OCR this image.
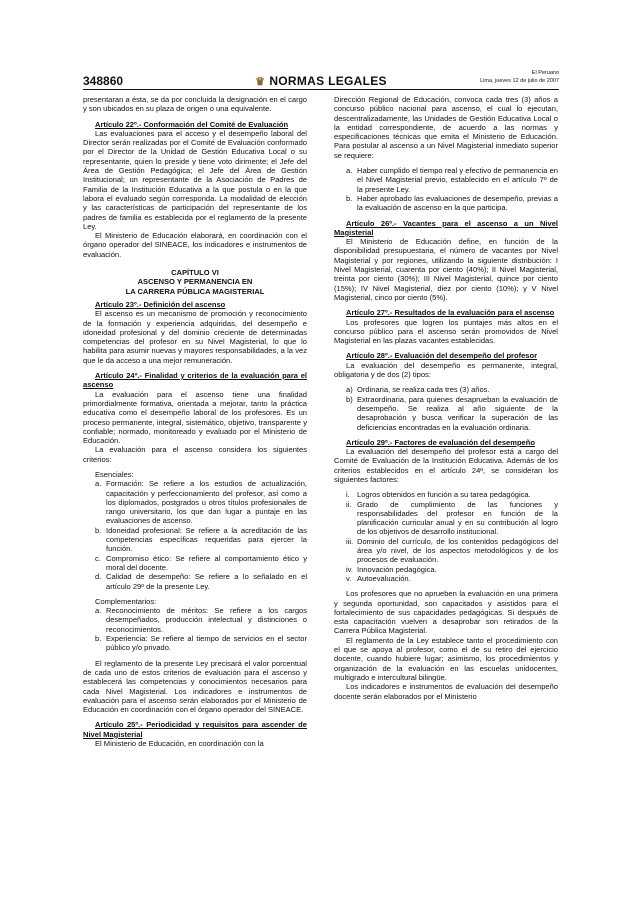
348860	♛ NORMAS LEGALES
El Peruano
Lima, jueves 12 de julio de 2007

presentaran a ésta, se da por concluida la designación en el cargo y son ubicados en su plaza de origen o una equivalente.

Artículo 22º.- Conformación del Comité de Evaluación

Las evaluaciones para el acceso y el desempeño laboral del Director serán realizadas por el Comité de Evaluación conformado por el Director de la Unidad de Gestión Educativa Local o su representante, quien lo preside y tiene voto dirimente; el Jefe del Área de Gestión Pedagógica; el Jefe del Área de Gestión Institucional; un representante de la Asociación de Padres de Familia de la Institución Educativa a la que postula o en la que labora el evaluado según corresponda. La modalidad de elección y las características de participación del representante de los padres de familia es establecida por el reglamento de la presente Ley.

El Ministerio de Educación elaborará, en coordinación con el órgano operador del SINEACE, los indicadores e instrumentos de evaluación.

CAPÍTULO VI
ASCENSO Y PERMANENCIA EN
LA CARRERA PÚBLICA MAGISTERIAL

Artículo 23º.- Definición del ascenso

El ascenso es un mecanismo de promoción y reconocimiento de la formación y experiencia adquiridas, del desempeño e idoneidad profesional y del dominio creciente de determinadas competencias del profesor en su Nivel Magisterial, lo que lo habilita para asumir nuevas y mayores responsabilidades, a la vez que le da acceso a una mejor remuneración.

Artículo 24º.- Finalidad y criterios de la evaluación para el ascenso

La evaluación para el ascenso tiene una finalidad primordialmente formativa, orientada a mejorar, tanto la práctica educativa como el desempeño laboral de los profesores. Es un proceso permanente, integral, sistemático, objetivo, transparente y confiable; normado, monitoreado y evaluado por el Ministerio de Educación.

La evaluación para el ascenso considera los siguientes criterios:

Esenciales:

a. Formación: Se refiere a los estudios de actualización, capacitación y perfeccionamiento del profesor, así como a los diplomados, postgrados u otros títulos profesionales de rango universitario, los que dan lugar a puntaje en las evaluaciones de ascenso.
b. Idoneidad profesional: Se refiere a la acreditación de las competencias específicas requeridas para ejercer la función.
c. Compromiso ético: Se refiere al comportamiento ético y moral del docente.
d. Calidad de desempeño: Se refiere a lo señalado en el artículo 29º de la presente Ley.

Complementarios:

a. Reconocimiento de méritos: Se refiere a los cargos desempeñados, producción intelectual y distinciones o reconocimientos.
b. Experiencia: Se refiere al tiempo de servicios en el sector público y/o privado.

El reglamento de la presente Ley precisará el valor porcentual de cada uno de estos criterios de evaluación para el ascenso y establecerá las competencias y conocimientos necesarios para cada Nivel Magisterial. Los indicadores e instrumentos de evaluación para el ascenso serán elaborados por el Ministerio de Educación en coordinación con el órgano operador del SINEACE.

Artículo 25º.- Periodicidad y requisitos para ascender de Nivel Magisterial

El Ministerio de Educación, en coordinación con la

Dirección Regional de Educación, convoca cada tres (3) años a concurso público nacional para ascenso, el cual lo ejecutan, descentralizadamente, las Unidades de Gestión Educativa Local o la entidad correspondiente, de acuerdo a las normas y especificaciones técnicas que emita el Ministerio de Educación. Para postular al ascenso a un Nivel Magisterial inmediato superior se requiere:

a. Haber cumplido el tiempo real y efectivo de permanencia en el Nivel Magisterial previo, establecido en el artículo 7º de la presente Ley.
b. Haber aprobado las evaluaciones de desempeño, previas a la evaluación de ascenso en la que participa.

Artículo 26º.- Vacantes para el ascenso a un Nivel Magisterial

El Ministerio de Educación define, en función de la disponibilidad presupuestaria, el número de vacantes por Nivel Magisterial y por regiones, utilizando la siguiente distribución: I Nivel Magisterial, cuarenta por ciento (40%); II Nivel Magisterial, treinta por ciento (30%); III Nivel Magisterial, quince por ciento (15%); IV Nivel Magisterial, diez por ciento (10%); y V Nivel Magisterial, cinco por ciento (5%).

Artículo 27º.- Resultados de la evaluación para el ascenso

Los profesores que logren los puntajes más altos en el concurso público para el ascenso serán promovidos de Nivel Magisterial en las plazas vacantes establecidas.

Artículo 28º.- Evaluación del desempeño del profesor

La evaluación del desempeño es permanente, integral, obligatoria y de dos (2) tipos:

a) Ordinaria, se realiza cada tres (3) años.
b) Extraordinaria, para quienes desaprueban la evaluación de desempeño. Se realiza al año siguiente de la desaprobación y busca verificar la superación de las deficiencias encontradas en la evaluación ordinaria.

Artículo 29º.- Factores de evaluación del desempeño

La evaluación del desempeño del profesor está a cargo del Comité de Evaluación de la Institución Educativa. Además de los criterios establecidos en el artículo 24º, se consideran los siguientes factores:

i. Logros obtenidos en función a su tarea pedagógica.
ii. Grado de cumplimiento de las funciones y responsabilidades del profesor en función de la planificación curricular anual y en su contribución al logro de los objetivos de desarrollo institucional.
iii. Dominio del currículo, de los contenidos pedagógicos del área y/o nivel, de los aspectos metodológicos y de los procesos de evaluación.
iv. Innovación pedagógica.
v. Autoevaluación.

Los profesores que no aprueben la evaluación en una primera y segunda oportunidad, son capacitados y asistidos para el fortalecimiento de sus capacidades pedagógicas. Si después de esta capacitación vuelven a desaprobar son retirados de la Carrera Pública Magisterial.

El reglamento de la Ley establece tanto el procedimiento con el que se apoya al profesor, como el de su retiro del ejercicio docente, cuando hubiere lugar; asimismo, los procedimientos y organización de la evaluación en las escuelas unidocentes, multigrado e intercultural bilingüe.

Los indicadores e instrumentos de evaluación del desempeño docente serán elaborados por el Ministerio
